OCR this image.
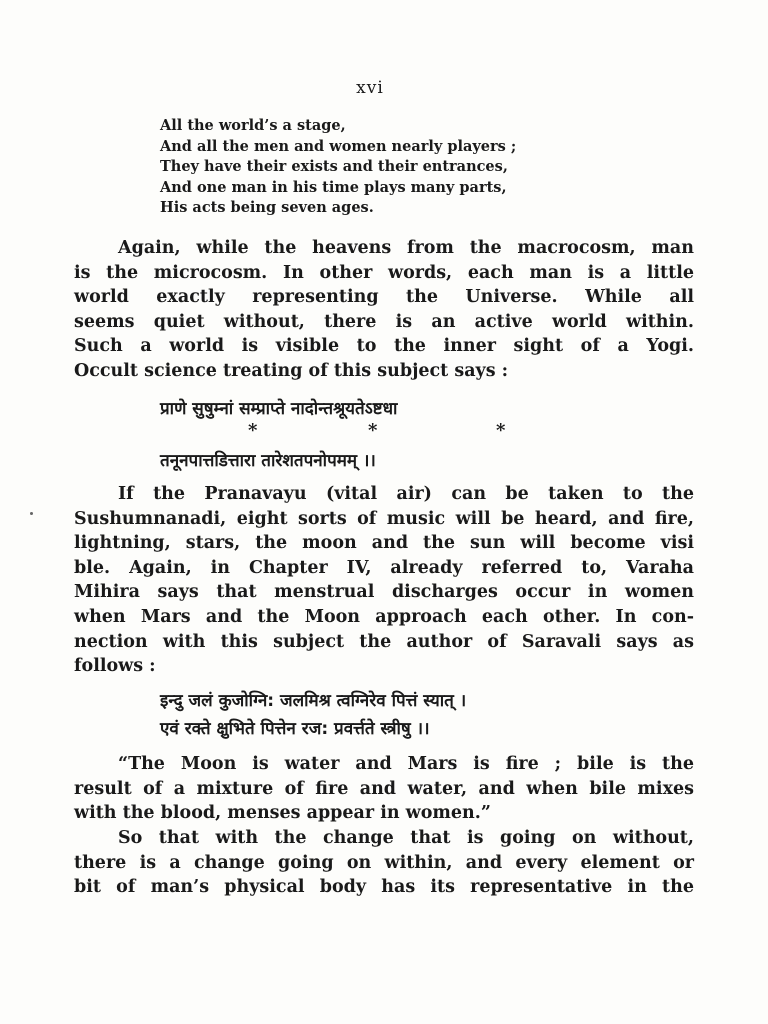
xvi
All the world’s a stage,
And all the men and women nearly players ;
They have their exists and their entrances,
And one man in his time plays many parts,
His acts being seven ages.
Again, while the heavens from the macrocosm, man
is the microcosm. In other words, each man is a little
world exactly representing the Universe. While all
seems quiet without, there is an active world within.
Such a world is visible to the inner sight of a Yogi.
Occult science treating of this subject says :
प्राणे सुषुम्नां सम्प्राप्ते नादोन्तश्रूयतेऽष्टधा
*	*	*
तनूनपात्तडित्तारा तारेशतपनोपमम् ।।
If the Pranavayu (vital air) can be taken to the
Sushumnanadi, eight sorts of music will be heard, and fire,
lightning, stars, the moon and the sun will become visi
ble. Again, in Chapter IV, already referred to, Varaha
Mihira says that menstrual discharges occur in women
when Mars and the Moon approach each other. In con-
nection with this subject the author of Saravali says as
follows :
इन्दु जलं कुजोग्नि: जलमिश्र त्वग्निरेव पित्तं स्यात् ।
एवं रक्ते क्षुभिते पित्तेन रज: प्रवर्त्तते स्त्रीषु ।।
“The Moon is water and Mars is fire ; bile is the
result of a mixture of fire and water, and when bile mixes
with the blood, menses appear in women.”
So that with the change that is going on without,
there is a change going on within, and every element or
bit of man’s physical body has its representative in the
